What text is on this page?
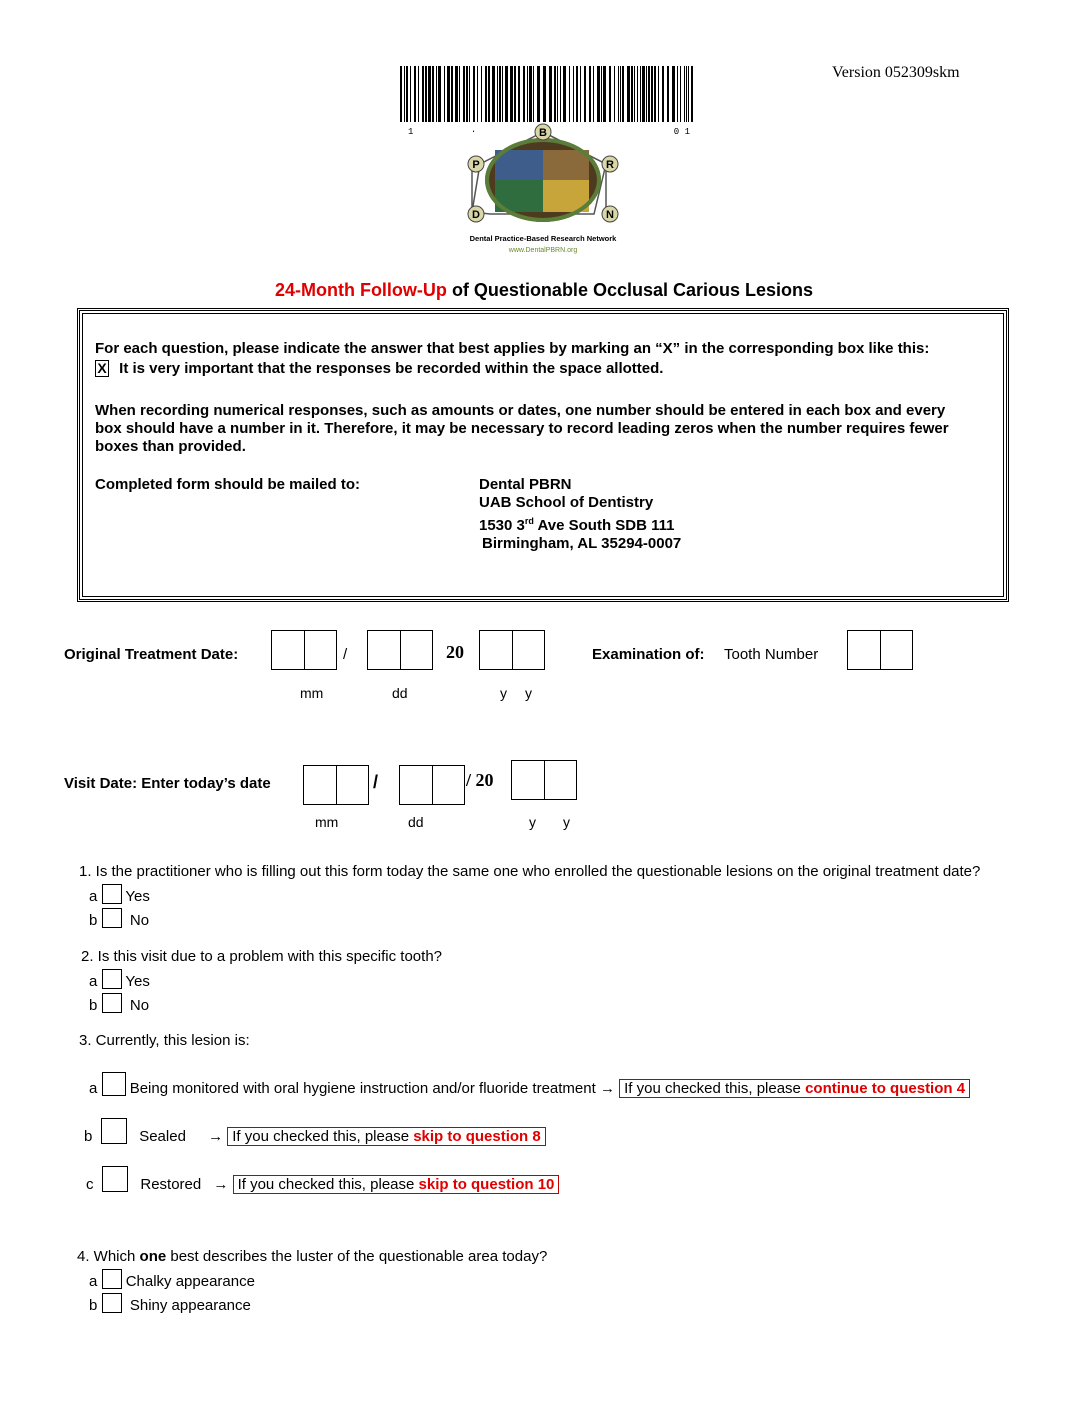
Version 052309skm
1	·	0 1
B
P	R
D	N
Dental Practice-Based Research Network
www.DentalPBRN.org
24-Month Follow-Up of Questionable Occlusal Carious Lesions
For each question, please indicate the answer that best applies by marking an “X” in the corresponding box like this:
X It is very important that the responses be recorded within the space allotted.
When recording numerical responses, such as amounts or dates, one number should be entered in each box and every box should have a number in it. Therefore, it may be necessary to record leading zeros when the number requires fewer boxes than provided.
Completed form should be mailed to:	Dental PBRN
UAB School of Dentistry
1530 3rd Ave South SDB 111
Birmingham, AL 35294-0007
Original Treatment Date:	/	20
mm	dd	y y
Examination of: Tooth Number
Visit Date: Enter today’s date	/	/ 20
mm	dd	y y
1. Is the practitioner who is filling out this form today the same one who enrolled the questionable lesions on the original treatment date?
a Yes
b No
2. Is this visit due to a problem with this specific tooth?
a Yes
b No
3. Currently, this lesion is:
a Being monitored with oral hygiene instruction and/or fluoride treatment → If you checked this, please continue to question 4
b	Sealed → If you checked this, please skip to question 8
c	Restored → If you checked this, please skip to question 10
4. Which one best describes the luster of the questionable area today?
a Chalky appearance
b Shiny appearance
